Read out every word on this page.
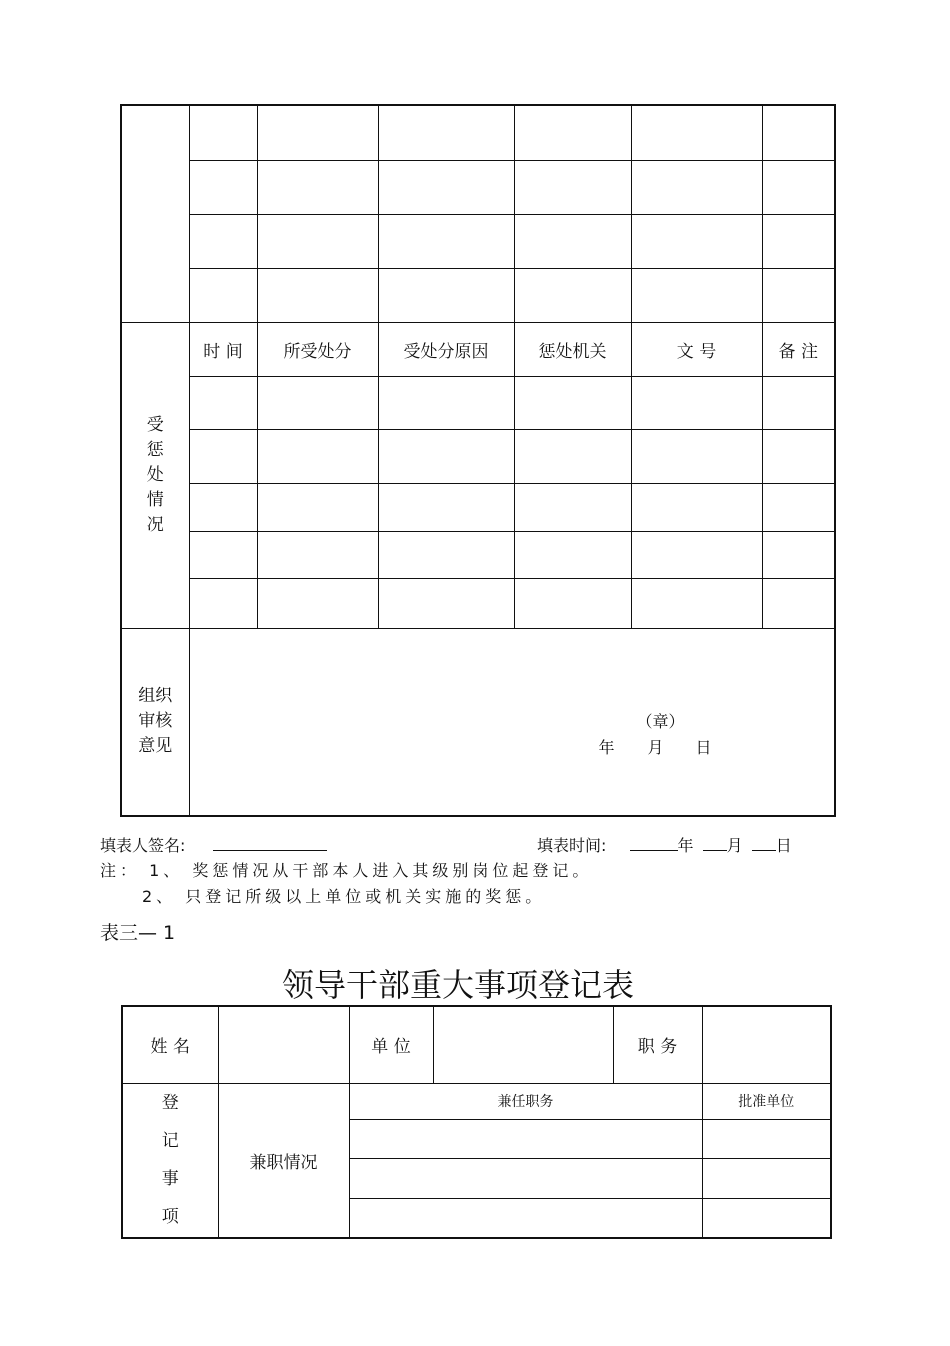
受
惩
处
情
况	时 间	所受处分	受处分原因	惩处机关	文 号	备 注

组织
审核
意见	（章）
年 月 日					
填表人签名:	填表时间:	年 月 日
注： 1、 奖惩情况从干部本人进入其级别岗位起登记。
2、 只登记所级以上单位或机关实施的奖惩。
表三— 1
领导干部重大事项登记表
姓 名		单 位		职 务	

登
记
事
项	兼职情况	兼任职务			批准单位
